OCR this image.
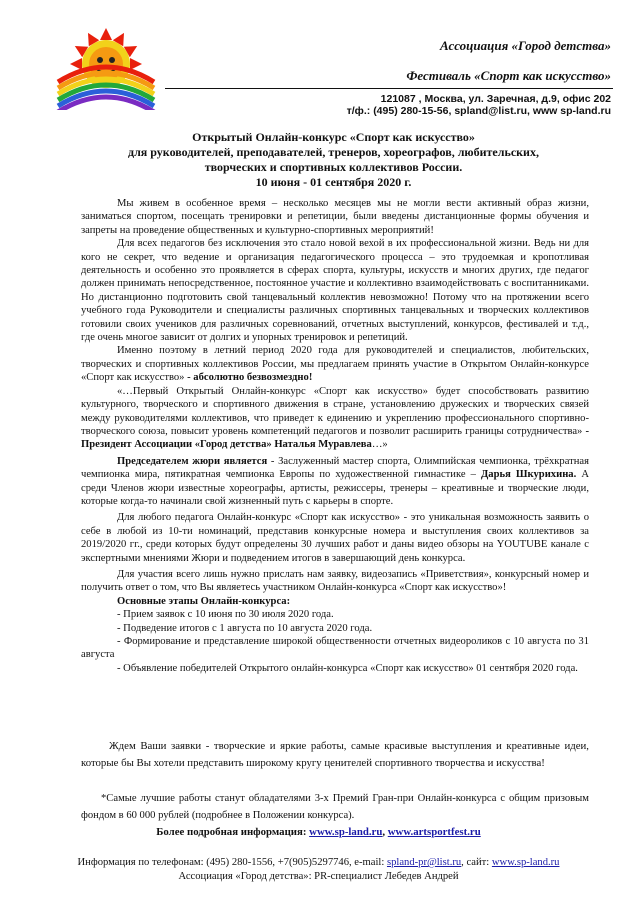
Ассоциация «Город детства»
Фестиваль «Спорт как искусство»
121087 , Москва, ул. Заречная, д.9, офис 202
т/ф.: (495) 280-15-56, spland@list.ru, www sp-land.ru
Открытый Онлайн-конкурс «Спорт как искусство»
для руководителей, преподавателей, тренеров, хореографов, любительских,
творческих и спортивных коллективов России.
10 июня - 01 сентября 2020 г.

Мы живем в особенное время – несколько месяцев мы не могли вести активный образ жизни, заниматься спортом, посещать тренировки и репетиции, были введены дистанционные формы обучения и запреты на проведение общественных и культурно-спортивных мероприятий!

Для всех педагогов без исключения это стало новой вехой в их профессиональной жизни. Ведь ни для кого не секрет, что ведение и организация педагогического процесса – это трудоемкая и кропотливая деятельность и особенно это проявляется в сферах спорта, культуры, искусств и многих других, где педагог должен принимать непосредственное, постоянное участие и коллективно взаимодействовать с воспитанниками. Но дистанционно подготовить свой танцевальный коллектив невозможно! Потому что на протяжении всего учебного года Руководители и специалисты различных спортивных танцевальных и творческих коллективов готовили своих учеников для различных соревнований, отчетных выступлений, конкурсов, фестивалей и т.д., где очень многое зависит от долгих и упорных тренировок и репетиций.

Именно поэтому в летний период 2020 года для руководителей и специалистов, любительских, творческих и спортивных коллективов России, мы предлагаем принять участие в Открытом Онлайн-конкурсе «Спорт как искусство» - абсолютно безвозмездно!

«…Первый Открытый Онлайн-конкурс «Спорт как искусство» будет способствовать развитию культурного, творческого и спортивного движения в стране, установлению дружеских и творческих связей между руководителями коллективов, что приведет к единению и укреплению профессионального спортивно-творческого союза, повысит уровень компетенций педагогов и позволит расширить границы сотрудничества» - Президент Ассоциации «Город детства» Наталья Муравлева…»

Председателем жюри является - Заслуженный мастер спорта, Олимпийская чемпионка, трёхкратная чемпионка мира, пятикратная чемпионка Европы по художественной гимнастике – Дарья Шкурихина. А среди Членов жюри известные хореографы, артисты, режиссеры, тренеры – креативные и творческие люди, которые когда-то начинали свой жизненный путь с карьеры в спорте.

Для любого педагога Онлайн-конкурс «Спорт как искусство» - это уникальная возможность заявить о себе в любой из 10-ти номинаций, представив конкурсные номера и выступления своих коллективов за 2019/2020 гг., среди которых будут определены 30 лучших работ и даны видео обзоры на YOUTUBE канале с экспертными мнениями Жюри и подведением итогов в завершающий день конкурса.

Для участия всего лишь нужно прислать нам заявку, видеозапись «Приветствия», конкурсный номер и получить ответ о том, что Вы являетесь участником Онлайн-конкурса «Спорт как искусство»!

Основные этапы Онлайн-конкурса:

- Прием заявок с 10 июня по 30 июля 2020 года.

- Подведение итогов с 1 августа по 10 августа 2020 года.

- Формирование и представление широкой общественности отчетных видеороликов с 10 августа по 31 августа

- Объявление победителей Открытого онлайн-конкурса «Спорт как искусство» 01 сентября 2020 года.

Ждем Ваши заявки - творческие и яркие работы, самые красивые выступления и креативные идеи, которые бы Вы хотели представить широкому кругу ценителей спортивного творчества и искусства!

*Самые лучшие работы станут обладателями 3-х Премий Гран-при Онлайн-конкурса с общим призовым фондом в 60 000 рублей (подробнее в Положении конкурса).

Более подробная информация: www.sp-land.ru, www.artsportfest.ru
Информация по телефонам: (495) 280-1556, +7(905)5297746, e-mail: spland-pr@list.ru, сайт: www.sp-land.ru
Ассоциация «Город детства»: PR-специалист Лебедев Андрей
